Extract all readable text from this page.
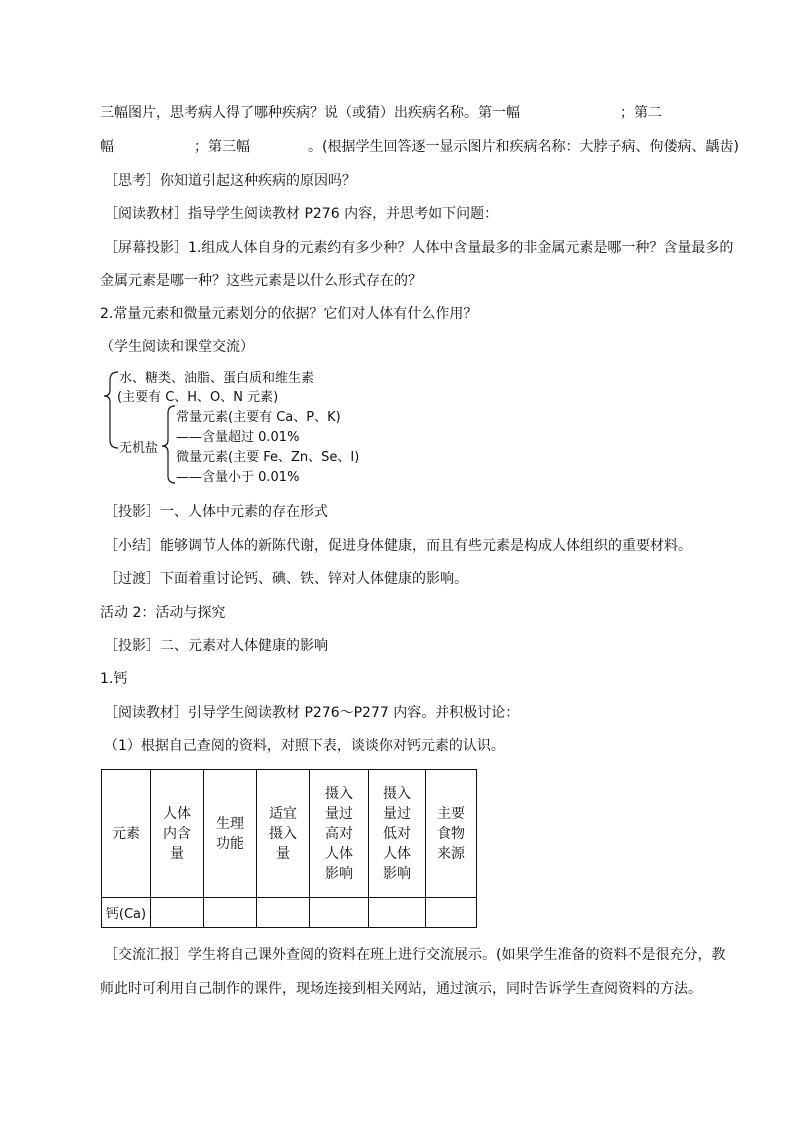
三幅图片，思考病人得了哪种疾病？说（或猜）出疾病名称。第一幅	；第二
幅	；第三幅	。(根据学生回答逐一显示图片和疾病名称：大脖子病、佝偻病、龋齿)
［思考］你知道引起这种疾病的原因吗？
［阅读教材］指导学生阅读教材 P276 内容，并思考如下问题：
［屏幕投影］1.组成人体自身的元素约有多少种？人体中含量最多的非金属元素是哪一种？含量最多的
金属元素是哪一种？这些元素是以什么形式存在的？
2.常量元素和微量元素划分的依据？它们对人体有什么作用？
（学生阅读和课堂交流）
水、糖类、油脂、蛋白质和维生素
(主要有 C、H、O、N 元素)
常量元素(主要有 Ca、P、K)
——含量超过 0.01%
无机盐
微量元素(主要 Fe、Zn、Se、I)
——含量小于 0.01%
［投影］一、人体中元素的存在形式
［小结］能够调节人体的新陈代谢，促进身体健康，而且有些元素是构成人体组织的重要材料。
［过渡］下面着重讨论钙、碘、铁、锌对人体健康的影响。
活动 2：活动与探究
［投影］二、元素对人体健康的影响
1.钙
［阅读教材］引导学生阅读教材 P276～P277 内容。并积极讨论：
（1）根据自己查阅的资料，对照下表，谈谈你对钙元素的认识。
元素	人体内含量	生理功能	适宜摄入量	摄入量过高对人体影响	摄入量过低对人体影响	主要食物来源
钙(Ca)						
［交流汇报］学生将自己课外查阅的资料在班上进行交流展示。(如果学生准备的资料不是很充分，教
师此时可利用自己制作的课件，现场连接到相关网站，通过演示，同时告诉学生查阅资料的方法。
